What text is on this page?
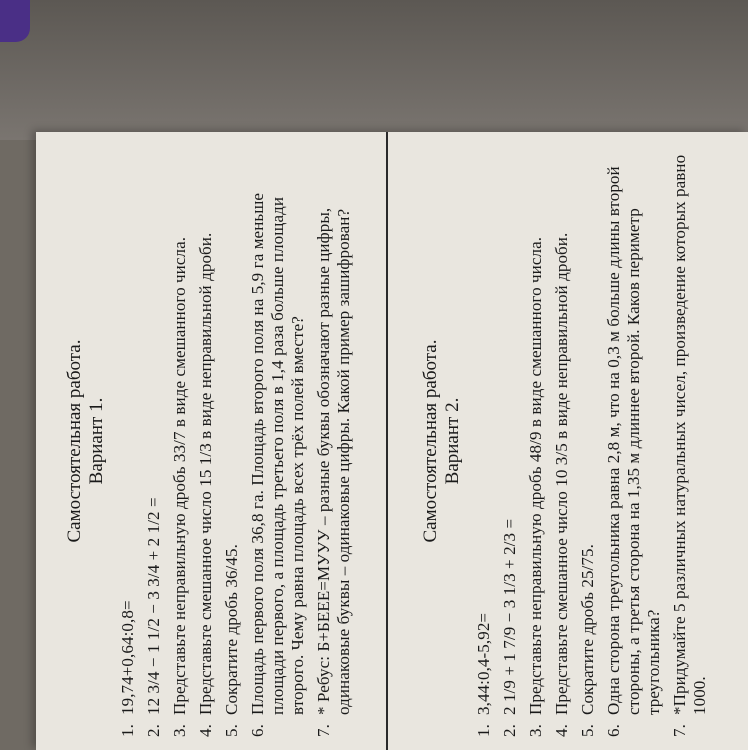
Самостоятельная работа. Вариант 1.
1.
19,74+0,64:0,8=
2.
12 3/4 − 1 1/2 − 3 3/4 + 2 1/2 =
3.
Представьте неправильную дробь 33/7 в виде смешанного числа.
4.
Представьте смешанное число 15 1/3 в виде неправильной дроби.
5.
Сократите дробь 36/45.
6.
Площадь первого поля 36,8 га. Площадь второго поля на 5,9 га меньше площади первого, а площадь третьего поля в 1,4 раза больше площади второго. Чему равна площадь всех трёх полей вместе?
7.
* Ребус: Б+БЕЕЕ=МУУУ – разные буквы обозначают разные цифры, одинаковые буквы – одинаковые цифры. Какой пример зашифрован?	Самостоятельная работа. Вариант 2.
1.
3,44:0,4-5,92=
2.
2 1/9 + 1 7/9 − 3 1/3 + 2/3 =
3.
Представьте неправильную дробь 48/9 в виде смешанного числа.
4.
Представьте смешанное число 10 3/5 в виде неправильной дроби.
5.
Сократите дробь 25/75.
6.
Одна сторона треугольника равна 2,8 м, что на 0,3 м больше длины второй стороны, а третья сторона на 1,35 м длиннее второй. Каков периметр треугольника?
7.
*Придумайте 5 различных натуральных чисел, произведение которых равно 1000.
